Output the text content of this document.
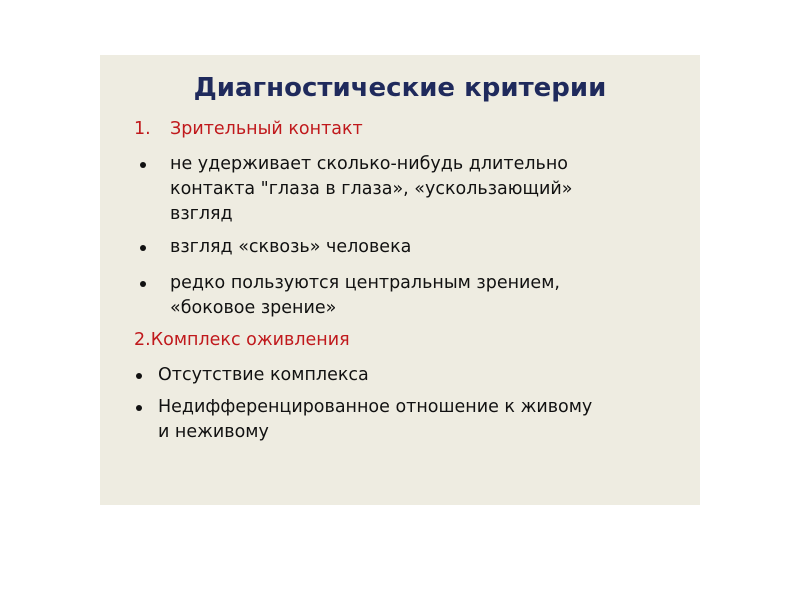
Диагностические критерии
1. Зрительный контакт
не удерживает сколько-нибудь длительно
контакта "глаза в глаза», «ускользающий»
взгляд
взгляд «сквозь» человека
редко пользуются центральным зрением,
«боковое зрение»
2.Комплекс оживления
Отсутствие комплекса
Недифференцированное отношение к живому
и неживому
